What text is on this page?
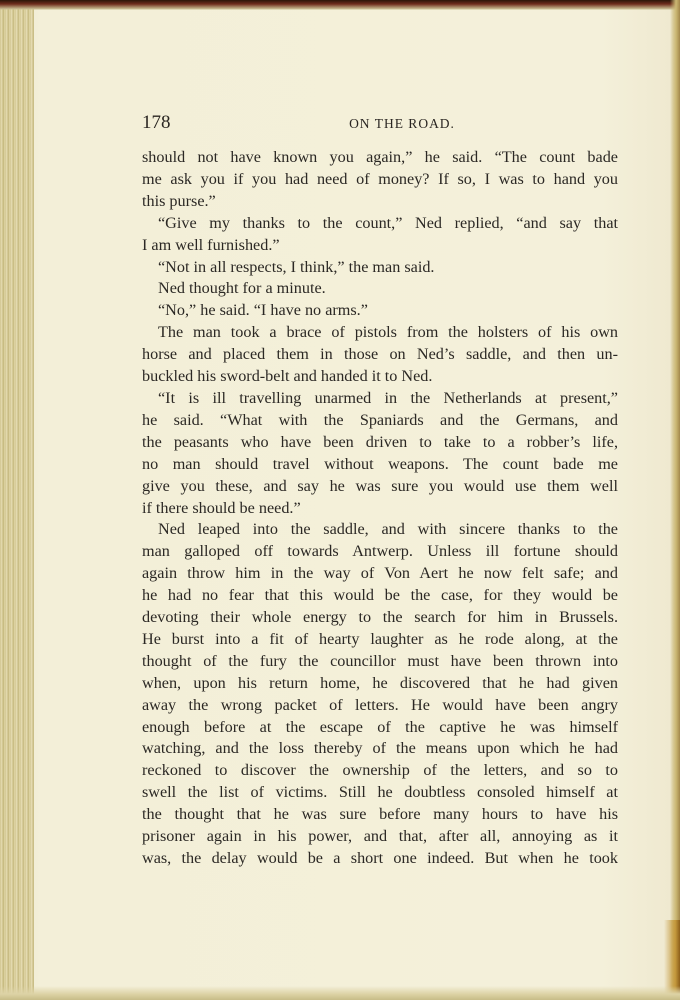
178	ON THE ROAD.
should not have known you again,” he said. “The count bade
me ask you if you had need of money? If so, I was to hand you
this purse.”
“Give my thanks to the count,” Ned replied, “and say that
I am well furnished.”
“Not in all respects, I think,” the man said.
Ned thought for a minute.
“No,” he said. “I have no arms.”
The man took a brace of pistols from the holsters of his own
horse and placed them in those on Ned’s saddle, and then un-
buckled his sword-belt and handed it to Ned.
“It is ill travelling unarmed in the Netherlands at present,”
he said. “What with the Spaniards and the Germans, and
the peasants who have been driven to take to a robber’s life,
no man should travel without weapons. The count bade me
give you these, and say he was sure you would use them well
if there should be need.”
Ned leaped into the saddle, and with sincere thanks to the
man galloped off towards Antwerp. Unless ill fortune should
again throw him in the way of Von Aert he now felt safe; and
he had no fear that this would be the case, for they would be
devoting their whole energy to the search for him in Brussels.
He burst into a fit of hearty laughter as he rode along, at the
thought of the fury the councillor must have been thrown into
when, upon his return home, he discovered that he had given
away the wrong packet of letters. He would have been angry
enough before at the escape of the captive he was himself
watching, and the loss thereby of the means upon which he had
reckoned to discover the ownership of the letters, and so to
swell the list of victims. Still he doubtless consoled himself at
the thought that he was sure before many hours to have his
prisoner again in his power, and that, after all, annoying as it
was, the delay would be a short one indeed. But when he took
